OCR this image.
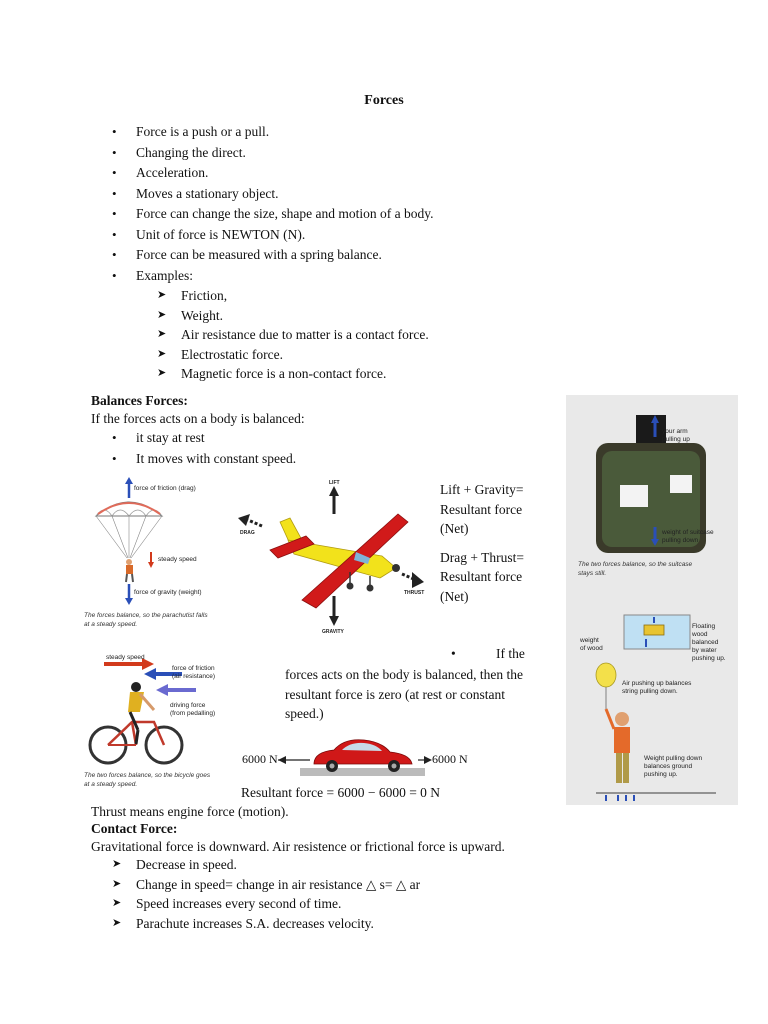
Forces
• Force is a push or a pull.
• Changing the direct.
• Acceleration.
• Moves a stationary object.
• Force can change the size, shape and motion of a body.
• Unit of force is NEWTON (N).
• Force can be measured with a spring balance.
• Examples:
➤ Friction,
➤ Weight.
➤ Air resistance due to matter is a contact force.
➤ Electrostatic force.
➤ Magnetic force is a non-contact force.
Balances Forces:
If the forces acts on a body is balanced:
• it stay at rest
• It moves with constant speed.
force of friction (drag)
steady speed
force of gravity (weight)
The forces balance, so the parachutist falls
at a steady speed.
LIFT
DRAG
THRUST
GRAVITY
Lift + Gravity=
Resultant force
(Net)
Drag + Thrust=
Resultant force
(Net)
steady speed
force of friction
(air resistance)
driving force
(from pedalling)
The two forces balance, so the bicycle goes
at a steady speed.
•	If the
forces acts on the body is balanced, then the
resultant force is zero (at rest or constant
speed.)
6000 N	6000 N
Resultant force = 6000 − 6000 = 0 N
your arm
pulling up
weight of suitcase
pulling down
The two forces balance, so the suitcase
stays still.
Floating
wood
balanced
by water
pushing up.
weight
of wood
Air pushing up balances
string pulling down.
Weight pulling down
balances ground
pushing up.
Thrust means engine force (motion).
Contact Force:
Gravitational force is downward. Air resistence or frictional force is upward.
➤ Decrease in speed.
➤ Change in speed= change in air resistance △ s= △ ar
➤ Speed increases every second of time.
➤ Parachute increases S.A. decreases velocity.
